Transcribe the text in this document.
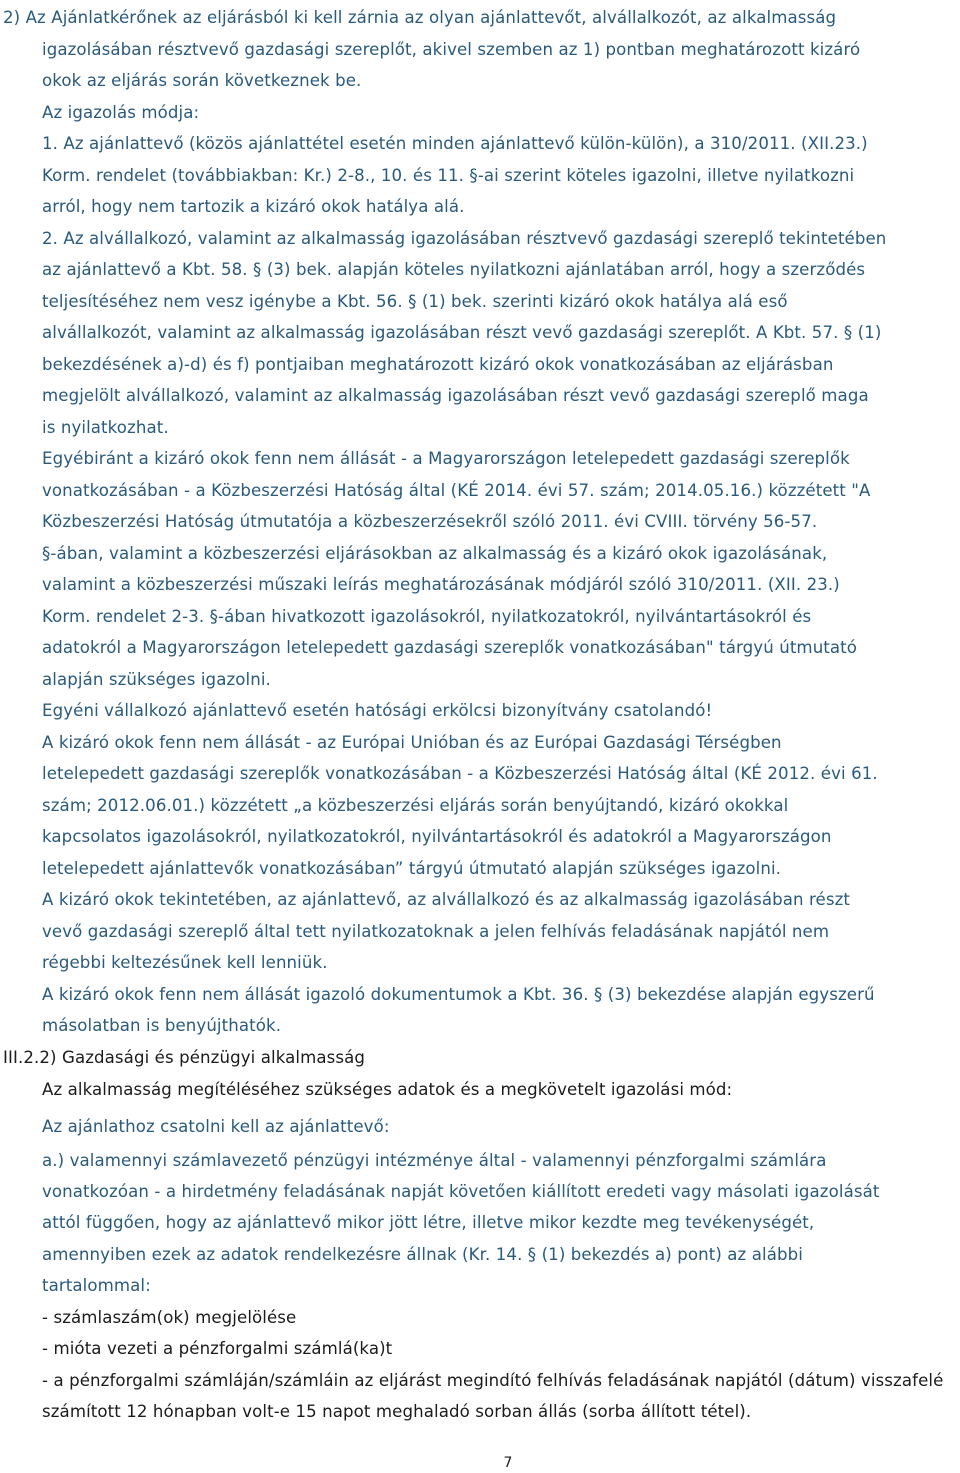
2) Az Ajánlatkérőnek az eljárásból ki kell zárnia az olyan ajánlattevőt, alvállalkozót, az alkalmasság
igazolásában résztvevő gazdasági szereplőt, akivel szemben az 1) pontban meghatározott kizáró
okok az eljárás során következnek be.
Az igazolás módja:
1. Az ajánlattevő (közös ajánlattétel esetén minden ajánlattevő külön-külön), a 310/2011. (XII.23.)
Korm. rendelet (továbbiakban: Kr.) 2-8., 10. és 11. §-ai szerint köteles igazolni, illetve nyilatkozni
arról, hogy nem tartozik a kizáró okok hatálya alá.
2. Az alvállalkozó, valamint az alkalmasság igazolásában résztvevő gazdasági szereplő tekintetében
az ajánlattevő a Kbt. 58. § (3) bek. alapján köteles nyilatkozni ajánlatában arról, hogy a szerződés
teljesítéséhez nem vesz igénybe a Kbt. 56. § (1) bek. szerinti kizáró okok hatálya alá eső
alvállalkozót, valamint az alkalmasság igazolásában részt vevő gazdasági szereplőt. A Kbt. 57. § (1)
bekezdésének a)-d) és f) pontjaiban meghatározott kizáró okok vonatkozásában az eljárásban
megjelölt alvállalkozó, valamint az alkalmasság igazolásában részt vevő gazdasági szereplő maga
is nyilatkozhat.
Egyébiránt a kizáró okok fenn nem állását - a Magyarországon letelepedett gazdasági szereplők
vonatkozásában - a Közbeszerzési Hatóság által (KÉ 2014. évi 57. szám; 2014.05.16.) közzétett "A
Közbeszerzési Hatóság útmutatója a közbeszerzésekről szóló 2011. évi CVIII. törvény 56-57.
§-ában, valamint a közbeszerzési eljárásokban az alkalmasság és a kizáró okok igazolásának,
valamint a közbeszerzési műszaki leírás meghatározásának módjáról szóló 310/2011. (XII. 23.)
Korm. rendelet 2-3. §-ában hivatkozott igazolásokról, nyilatkozatokról, nyilvántartásokról és
adatokról a Magyarországon letelepedett gazdasági szereplők vonatkozásában" tárgyú útmutató
alapján szükséges igazolni.
Egyéni vállalkozó ajánlattevő esetén hatósági erkölcsi bizonyítvány csatolandó!
A kizáró okok fenn nem állását - az Európai Unióban és az Európai Gazdasági Térségben
letelepedett gazdasági szereplők vonatkozásában - a Közbeszerzési Hatóság által (KÉ 2012. évi 61.
szám; 2012.06.01.) közzétett „a közbeszerzési eljárás során benyújtandó, kizáró okokkal
kapcsolatos igazolásokról, nyilatkozatokról, nyilvántartásokról és adatokról a Magyarországon
letelepedett ajánlattevők vonatkozásában” tárgyú útmutató alapján szükséges igazolni.
A kizáró okok tekintetében, az ajánlattevő, az alvállalkozó és az alkalmasság igazolásában részt
vevő gazdasági szereplő által tett nyilatkozatoknak a jelen felhívás feladásának napjától nem
régebbi keltezésűnek kell lenniük.
A kizáró okok fenn nem állását igazoló dokumentumok a Kbt. 36. § (3) bekezdése alapján egyszerű
másolatban is benyújthatók.
III.2.2) Gazdasági és pénzügyi alkalmasság
Az alkalmasság megítéléséhez szükséges adatok és a megkövetelt igazolási mód:
Az ajánlathoz csatolni kell az ajánlattevő:
a.) valamennyi számlavezető pénzügyi intézménye által - valamennyi pénzforgalmi számlára
vonatkozóan - a hirdetmény feladásának napját követően kiállított eredeti vagy másolati igazolását
attól függően, hogy az ajánlattevő mikor jött létre, illetve mikor kezdte meg tevékenységét,
amennyiben ezek az adatok rendelkezésre állnak (Kr. 14. § (1) bekezdés a) pont) az alábbi
tartalommal:
- számlaszám(ok) megjelölése
- mióta vezeti a pénzforgalmi számlá(ka)t
- a pénzforgalmi számláján/számláin az eljárást megindító felhívás feladásának napjától (dátum) visszafelé
számított 12 hónapban volt-e 15 napot meghaladó sorban állás (sorba állított tétel).
7
